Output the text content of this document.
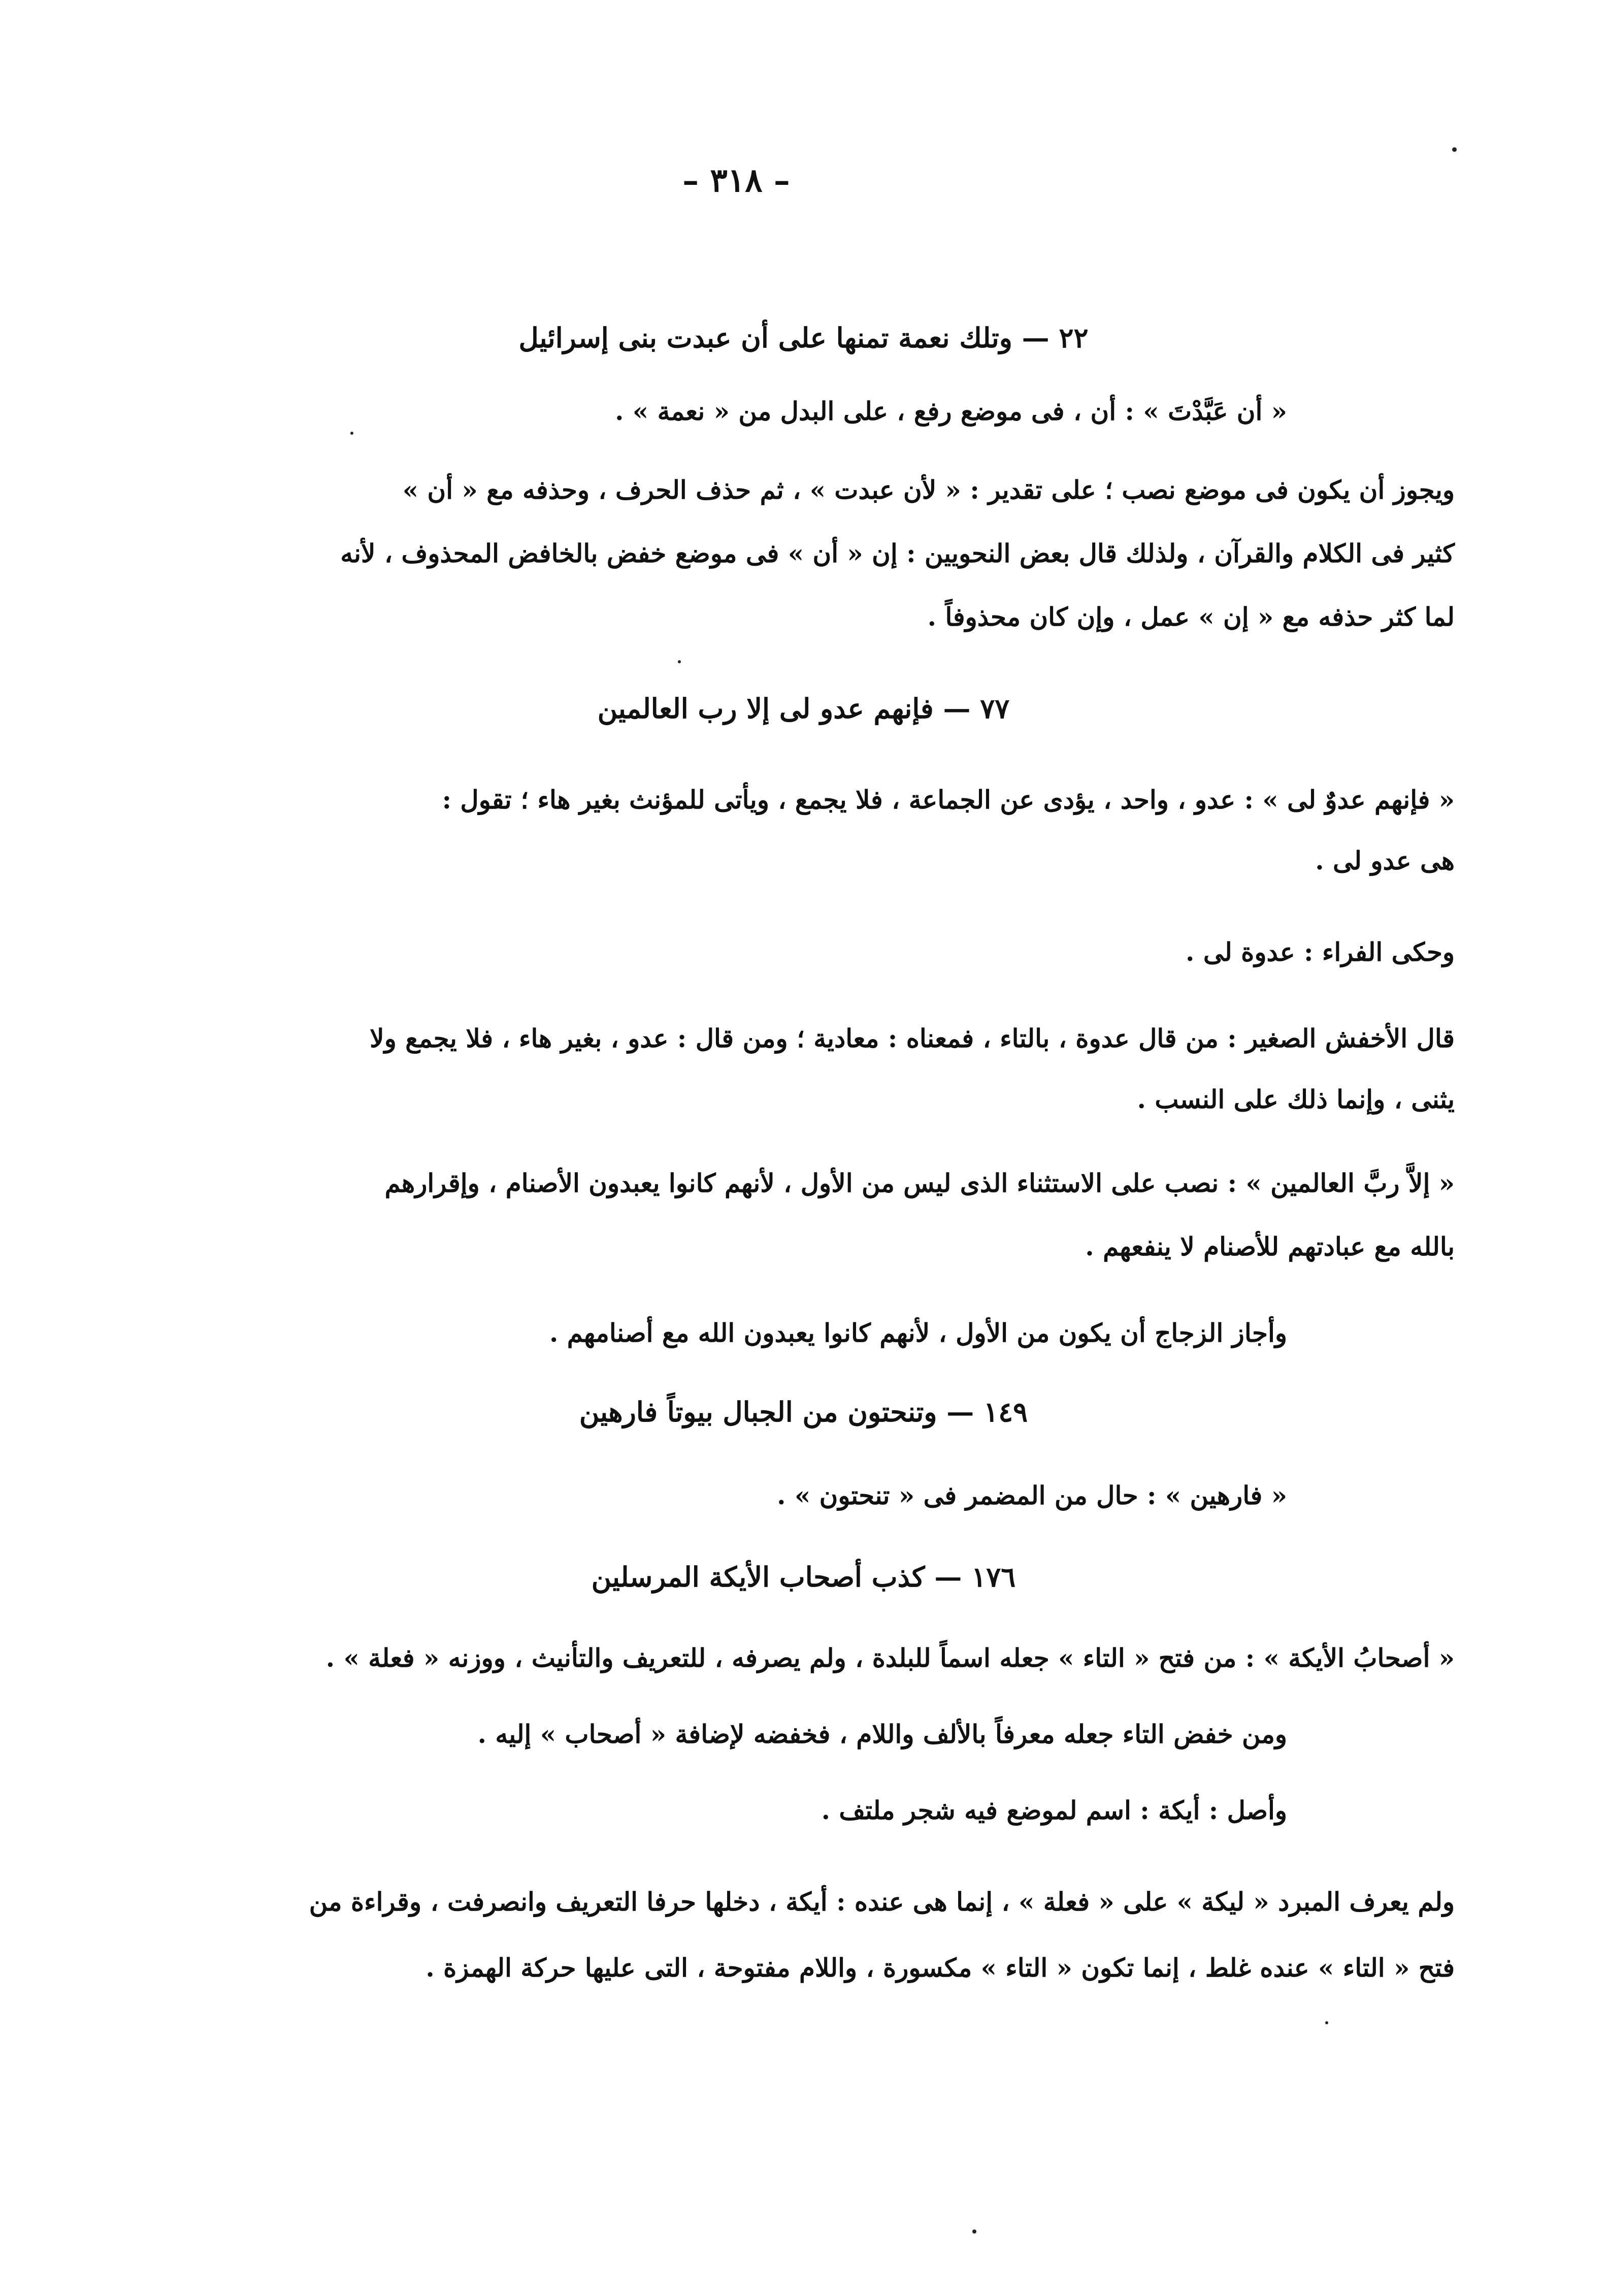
– ٣١٨ –
٢٢ — وتلك نعمة تمنها على أن عبدت بنى إسرائيل
« أن عَبَّدْتَ » : أن ، فى موضع رفع ، على البدل من « نعمة » .
ويجوز أن يكون فى موضع نصب ؛ على تقدير : « لأن عبدت » ، ثم حذف الحرف ، وحذفه مع « أن »
كثير فى الكلام والقرآن ، ولذلك قال بعض النحويين : إن « أن » فى موضع خفض بالخافض المحذوف ، لأنه
لما كثر حذفه مع « إن » عمل ، وإن كان محذوفاً .
٧٧ — فإنهم عدو لى إلا رب العالمين
« فإنهم عدوٌ لى » : عدو ، واحد ، يؤدى عن الجماعة ، فلا يجمع ، ويأتى للمؤنث بغير هاء ؛ تقول :
هى عدو لى .
وحكى الفراء : عدوة لى .
قال الأخفش الصغير : من قال عدوة ، بالتاء ، فمعناه : معادية ؛ ومن قال : عدو ، بغير هاء ، فلا يجمع ولا
يثنى ، وإنما ذلك على النسب .
« إلاَّ ربَّ العالمين » : نصب على الاستثناء الذى ليس من الأول ، لأنهم كانوا يعبدون الأصنام ، وإقرارهم
بالله مع عبادتهم للأصنام لا ينفعهم .
وأجاز الزجاج أن يكون من الأول ، لأنهم كانوا يعبدون الله مع أصنامهم .
١٤٩ — وتنحتون من الجبال بيوتاً فارهين
« فارهين » : حال من المضمر فى « تنحتون » .
١٧٦ — كذب أصحاب الأيكة المرسلين
« أصحابُ الأيكة » : من فتح « التاء » جعله اسماً للبلدة ، ولم يصرفه ، للتعريف والتأنيث ، ووزنه « فعلة » .
ومن خفض التاء جعله معرفاً بالألف واللام ، فخفضه لإضافة « أصحاب » إليه .
وأصل : أيكة : اسم لموضع فيه شجر ملتف .
ولم يعرف المبرد « ليكة » على « فعلة » ، إنما هى عنده : أيكة ، دخلها حرفا التعريف وانصرفت ، وقراءة من
فتح « التاء » عنده غلط ، إنما تكون « التاء » مكسورة ، واللام مفتوحة ، التى عليها حركة الهمزة .
